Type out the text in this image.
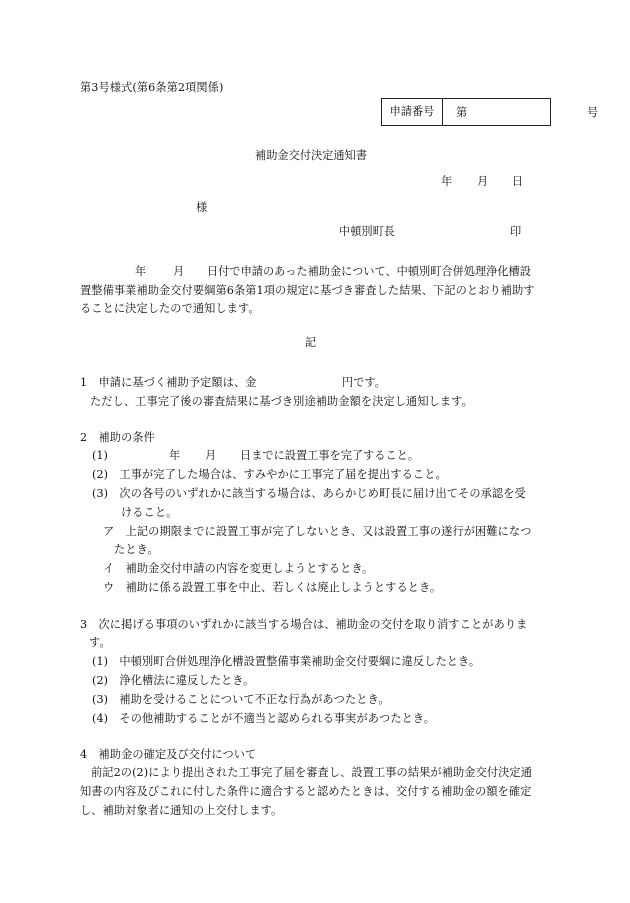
第3号様式(第6条第2項関係)
申請番号	第	号
補助金交付決定通知書
年 月 日
様
中頓別町長	印
年 月 日付で申請のあった補助金について、中頓別町合併処理浄化槽設
置整備事業補助金交付要綱第6条第1項の規定に基づき審査した結果、下記のとおり補助す
ることに決定したので通知します。
記
1　申請に基づく補助予定額は、金	円です。
ただし、工事完了後の審査結果に基づき別途補助金額を決定し通知します。
2　補助の条件
(1)	年 月 日までに設置工事を完了すること。
(2)　工事が完了した場合は、すみやかに工事完了届を提出すること。
(3)　次の各号のいずれかに該当する場合は、あらかじめ町長に届け出てその承認を受
けること。
ア　上記の期限までに設置工事が完了しないとき、又は設置工事の遂行が困難になつ
たとき。
イ　補助金交付申請の内容を変更しようとするとき。
ウ　補助に係る設置工事を中止、若しくは廃止しようとするとき。
3　次に掲げる事項のいずれかに該当する場合は、補助金の交付を取り消すことがありま
す。
(1)　中頓別町合併処理浄化槽設置整備事業補助金交付要綱に違反したとき。
(2)　浄化槽法に違反したとき。
(3)　補助を受けることについて不正な行為があつたとき。
(4)　その他補助することが不適当と認められる事実があつたとき。
4　補助金の確定及び交付について
前記2の(2)により提出された工事完了届を審査し、設置工事の結果が補助金交付決定通
知書の内容及びこれに付した条件に適合すると認めたときは、交付する補助金の額を確定
し、補助対象者に通知の上交付します。
